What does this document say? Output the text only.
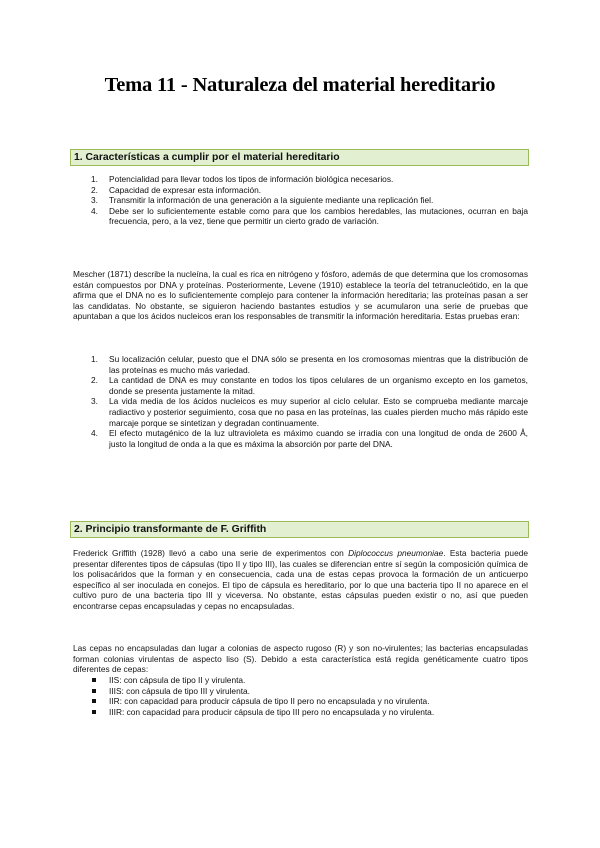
Tema 11 - Naturaleza del material hereditario
1. Características a cumplir por el material hereditario
1. Potencialidad para llevar todos los tipos de información biológica necesarios.
2. Capacidad de expresar esta información.
3. Transmitir la información de una generación a la siguiente mediante una replicación fiel.
4. Debe ser lo suficientemente estable como para que los cambios heredables, las mutaciones, ocurran en baja frecuencia, pero, a la vez, tiene que permitir un cierto grado de variación.
Mescher (1871) describe la nucleína, la cual es rica en nitrógeno y fósforo, además de que determina que los cromosomas están compuestos por DNA y proteínas. Posteriormente, Levene (1910) establece la teoría del tetranucleótido, en la que afirma que el DNA no es lo suficientemente complejo para contener la información hereditaria; las proteínas pasan a ser las candidatas. No obstante, se siguieron haciendo bastantes estudios y se acumularon una serie de pruebas que apuntaban a que los ácidos nucleicos eran los responsables de transmitir la información hereditaria. Estas pruebas eran:
1. Su localización celular, puesto que el DNA sólo se presenta en los cromosomas mientras que la distribución de las proteínas es mucho más variedad.
2. La cantidad de DNA es muy constante en todos los tipos celulares de un organismo excepto en los gametos, donde se presenta justamente la mitad.
3. La vida media de los ácidos nucleicos es muy superior al ciclo celular. Esto se comprueba mediante marcaje radiactivo y posterior seguimiento, cosa que no pasa en las proteínas, las cuales pierden mucho más rápido este marcaje porque se sintetizan y degradan continuamente.
4. El efecto mutagénico de la luz ultravioleta es máximo cuando se irradia con una longitud de onda de 2600 Å, justo la longitud de onda a la que es máxima la absorción por parte del DNA.
2. Principio transformante de F. Griffith
Frederick Griffith (1928) llevó a cabo una serie de experimentos con Diplococcus pneumoniae. Esta bacteria puede presentar diferentes tipos de cápsulas (tipo II y tipo III), las cuales se diferencian entre sí según la composición química de los polisacáridos que la forman y en consecuencia, cada una de estas cepas provoca la formación de un anticuerpo específico al ser inoculada en conejos. El tipo de cápsula es hereditario, por lo que una bacteria tipo II no aparece en el cultivo puro de una bacteria tipo III y viceversa. No obstante, estas cápsulas pueden existir o no, así que pueden encontrarse cepas encapsuladas y cepas no encapsuladas.
Las cepas no encapsuladas dan lugar a colonias de aspecto rugoso (R) y son no-virulentes; las bacterias encapsuladas forman colonias virulentas de aspecto liso (S). Debido a esta característica está regida genéticamente cuatro tipos diferentes de cepas:
IIS: con cápsula de tipo II y virulenta.
IIIS: con cápsula de tipo III y virulenta.
IIR: con capacidad para producir cápsula de tipo II pero no encapsulada y no virulenta.
IIIR: con capacidad para producir cápsula de tipo III pero no encapsulada y no virulenta.
